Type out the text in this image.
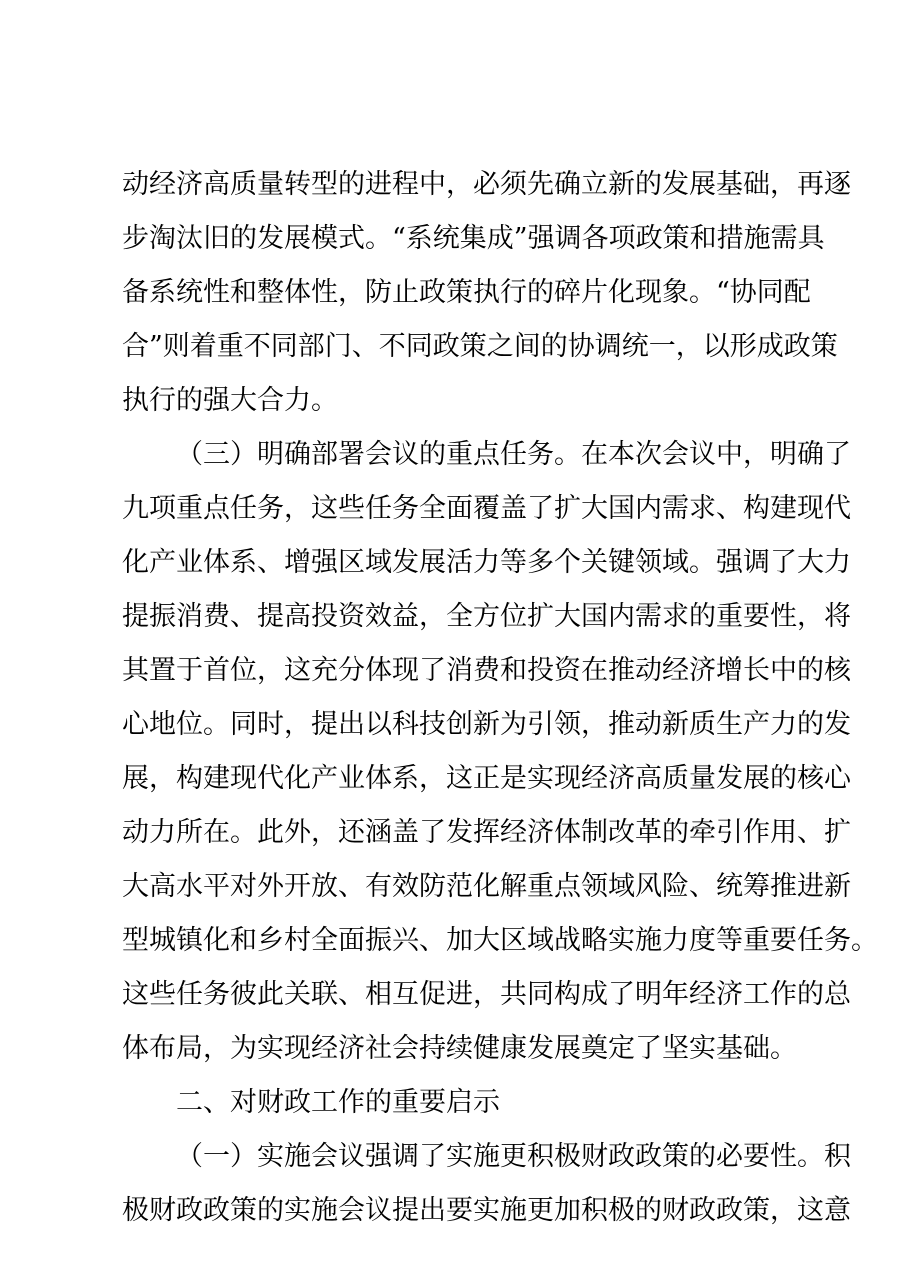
动经济高质量转型的进程中，必须先确立新的发展基础，再逐
步淘汰旧的发展模式。“系统集成”强调各项政策和措施需具
备系统性和整体性，防止政策执行的碎片化现象。“协同配
合”则着重不同部门、不同政策之间的协调统一，以形成政策
执行的强大合力。
（三）明确部署会议的重点任务。在本次会议中，明确了
九项重点任务，这些任务全面覆盖了扩大国内需求、构建现代
化产业体系、增强区域发展活力等多个关键领域。强调了大力
提振消费、提高投资效益，全方位扩大国内需求的重要性，将
其置于首位，这充分体现了消费和投资在推动经济增长中的核
心地位。同时，提出以科技创新为引领，推动新质生产力的发
展，构建现代化产业体系，这正是实现经济高质量发展的核心
动力所在。此外，还涵盖了发挥经济体制改革的牵引作用、扩
大高水平对外开放、有效防范化解重点领域风险、统筹推进新
型城镇化和乡村全面振兴、加大区域战略实施力度等重要任务。
这些任务彼此关联、相互促进，共同构成了明年经济工作的总
体布局，为实现经济社会持续健康发展奠定了坚实基础。
二、对财政工作的重要启示
（一）实施会议强调了实施更积极财政政策的必要性。积
极财政政策的实施会议提出要实施更加积极的财政政策，这意
